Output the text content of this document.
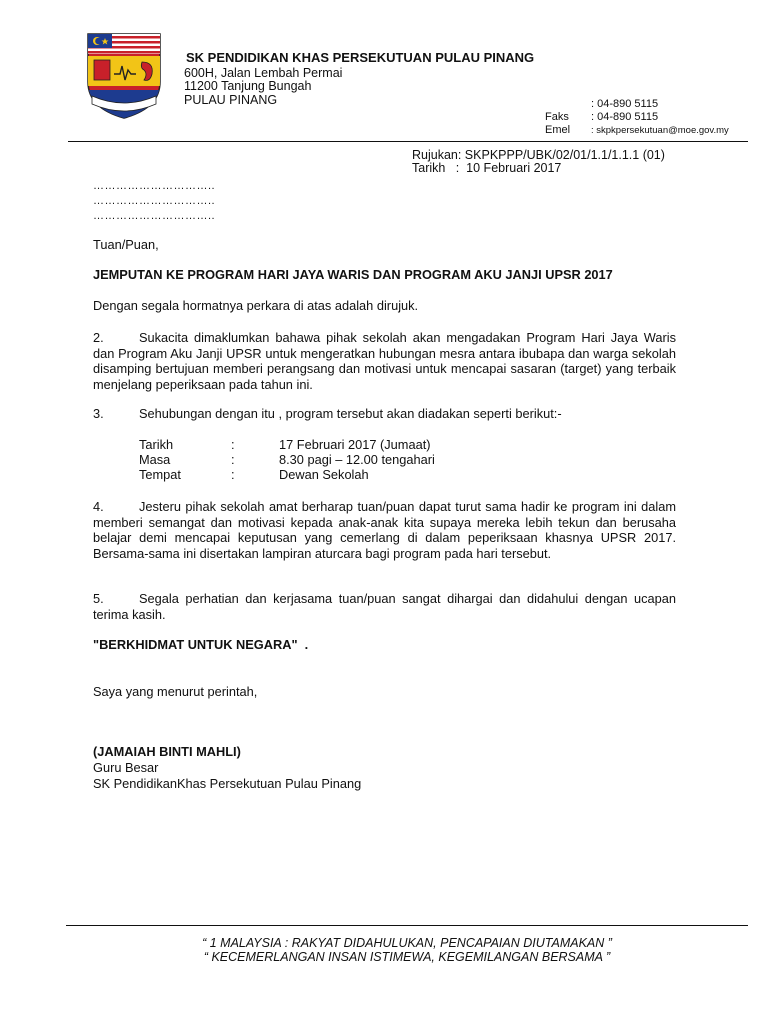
SK PENDIDIKAN KHAS PERSEKUTUAN PULAU PINANG
600H, Jalan Lembah Permai
11200 Tanjung Bungah
PULAU PINANG	: 04-890 5115
Faks : 04-890 5115
Emel : skpkpersekutuan@moe.gov.my
Rujukan: SKPKPPP/UBK/02/01/1.1/1.1.1 (01)
Tarikh   :  10 Februari 2017
…………………………..
…………………………..
…………………………..
Tuan/Puan,
JEMPUTAN KE PROGRAM HARI JAYA WARIS DAN PROGRAM AKU JANJI UPSR 2017
Dengan segala hormatnya perkara di atas adalah dirujuk.
2.	Sukacita dimaklumkan bahawa pihak sekolah akan mengadakan Program Hari Jaya Waris dan Program Aku Janji UPSR untuk mengeratkan hubungan mesra antara ibubapa dan warga sekolah disamping bertujuan memberi perangsang dan motivasi untuk mencapai sasaran (target) yang terbaik menjelang peperiksaan pada tahun ini.
3.	Sehubungan dengan itu , program tersebut akan diadakan seperti berikut:-
Tarikh	:	17 Februari 2017 (Jumaat)
Masa	:	8.30 pagi – 12.00 tengahari
Tempat	:	Dewan Sekolah
4.	Jesteru pihak sekolah amat berharap tuan/puan dapat turut sama hadir ke program ini dalam memberi semangat dan motivasi kepada anak-anak kita supaya mereka lebih tekun dan berusaha belajar demi mencapai keputusan yang cemerlang di dalam peperiksaan khasnya UPSR 2017. Bersama-sama ini disertakan lampiran aturcara bagi program pada hari tersebut.
5.	Segala perhatian dan kerjasama tuan/puan sangat dihargai dan didahului dengan ucapan terima kasih.
"BERKHIDMAT UNTUK NEGARA"  .
Saya yang menurut perintah,
(JAMAIAH BINTI MAHLI)
Guru Besar
SK PendidikanKhas Persekutuan Pulau Pinang
“ 1 MALAYSIA : RAKYAT DIDAHULUKAN, PENCAPAIAN DIUTAMAKAN ”
“ KECEMERLANGAN INSAN ISTIMEWA, KEGEMILANGAN BERSAMA ”
